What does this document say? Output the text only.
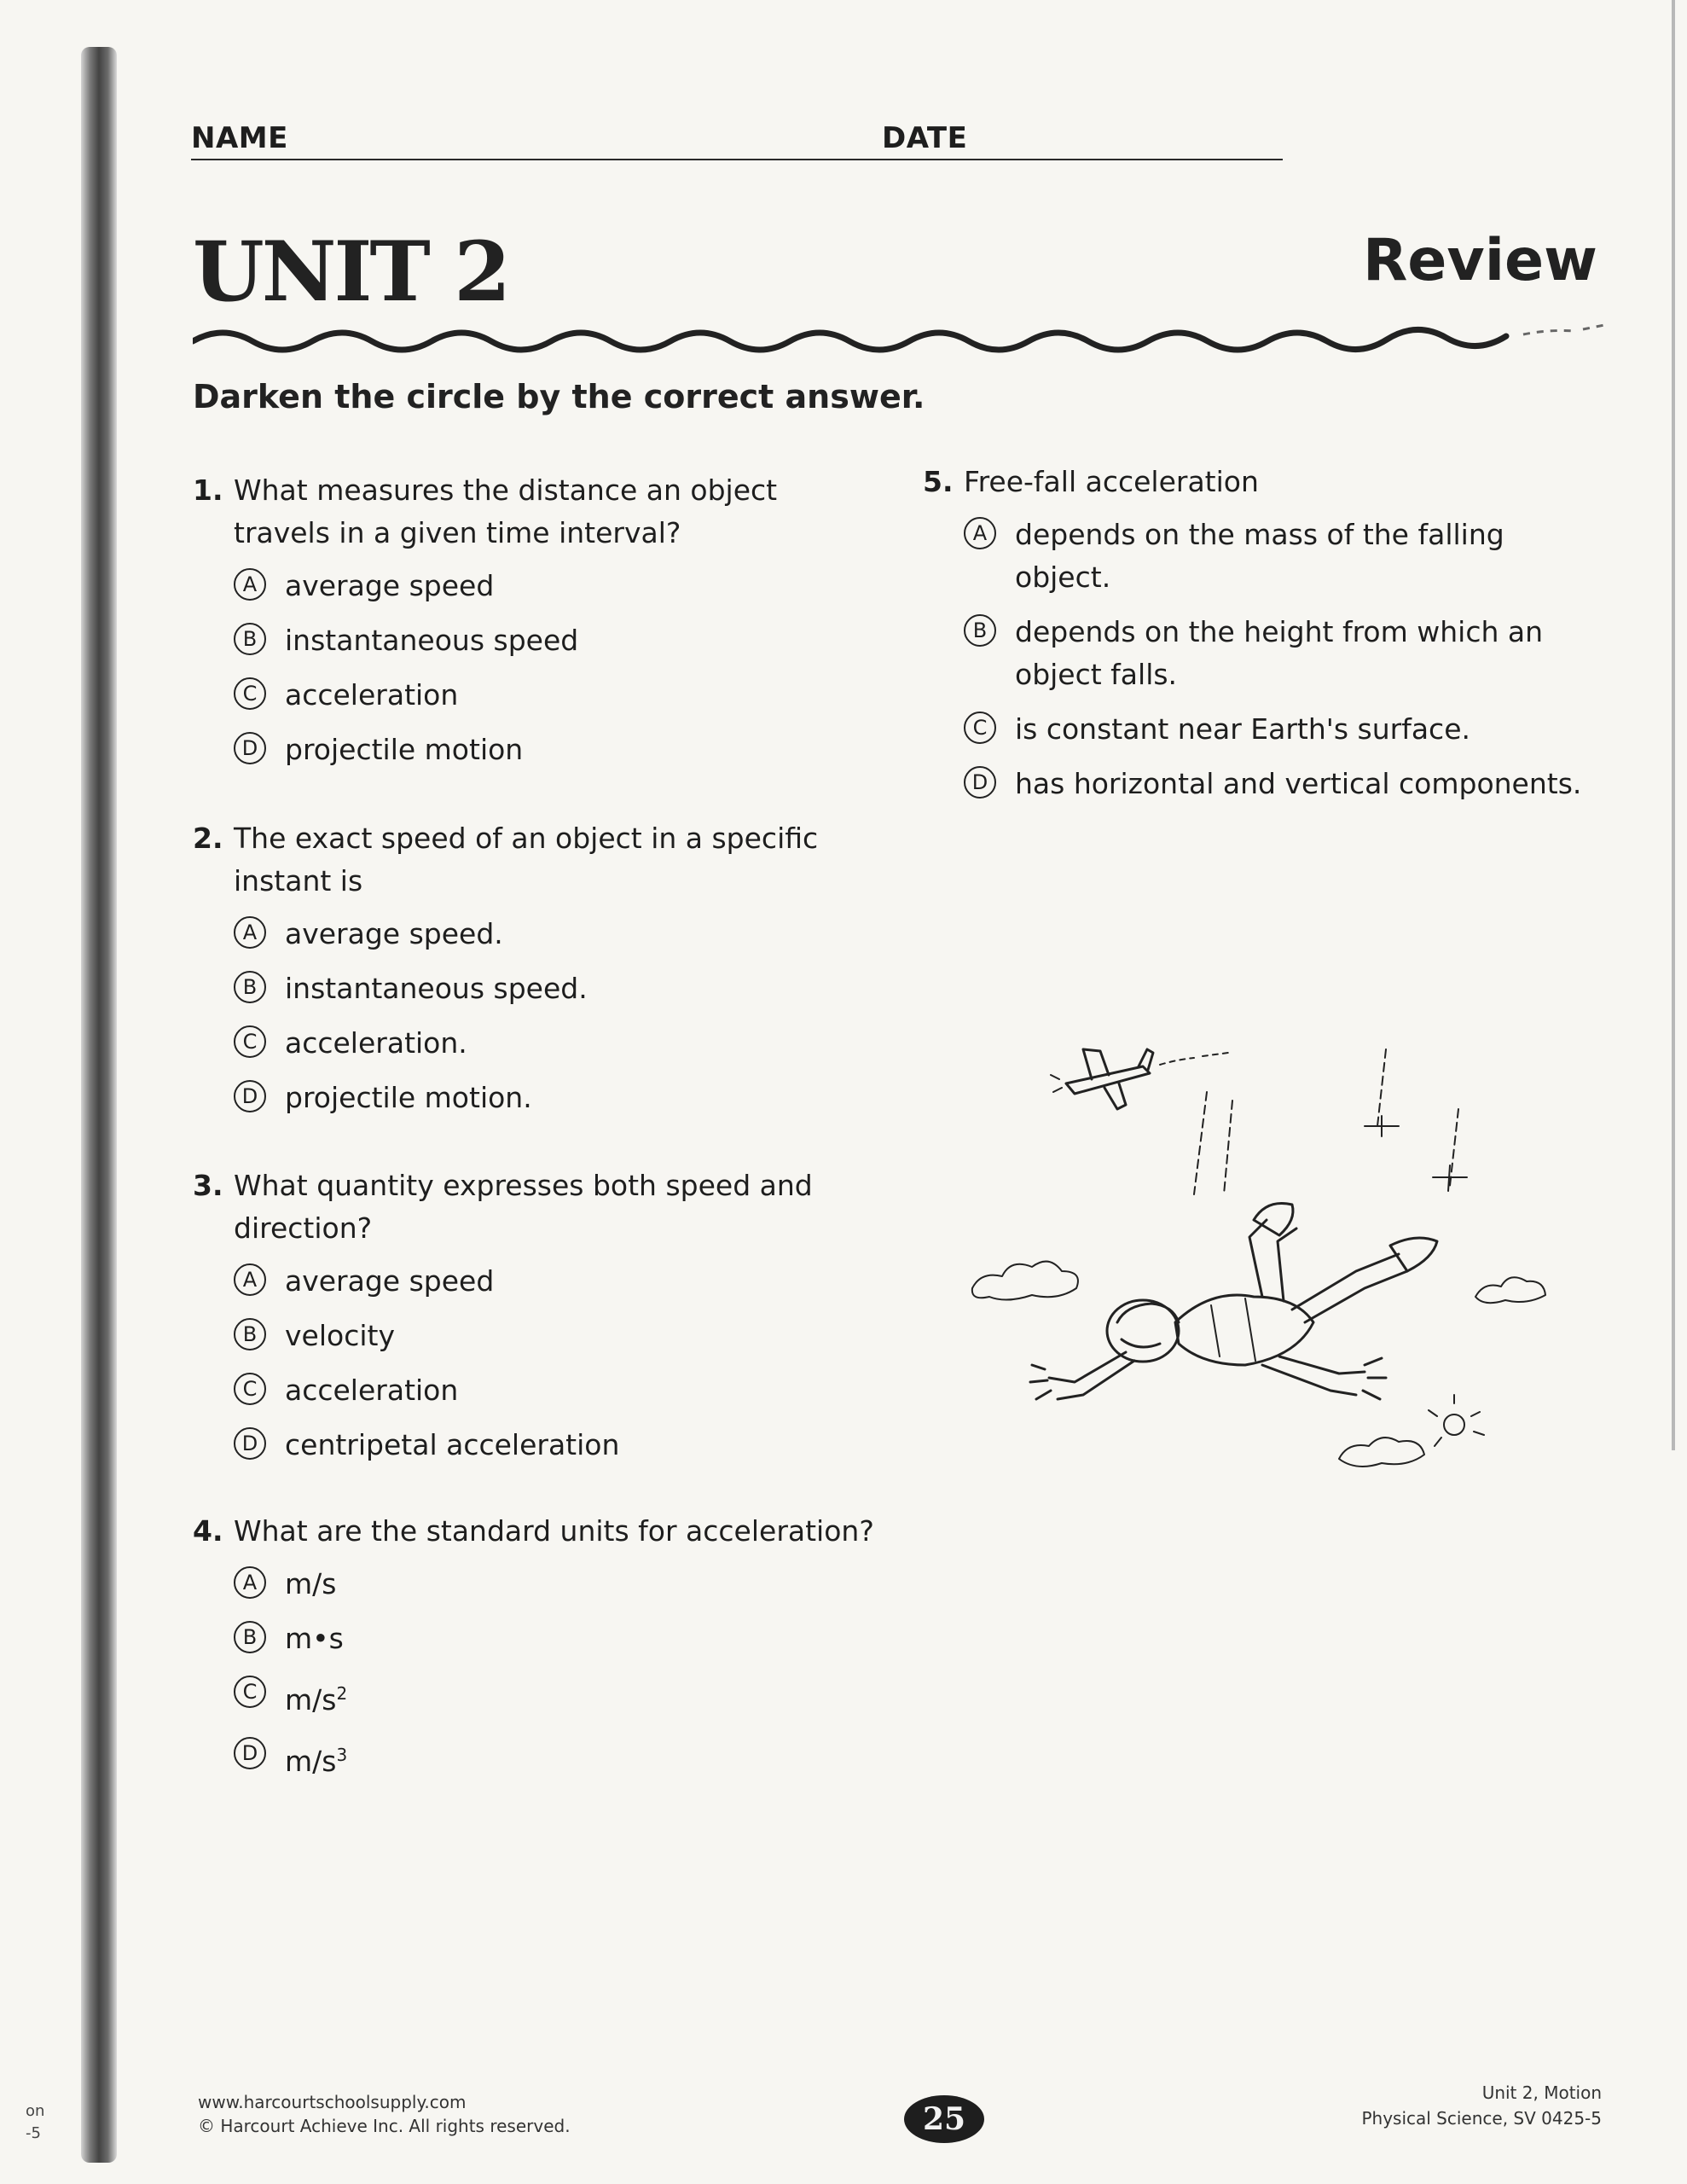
on
-5
NAME	DATE
UNIT 2	Review
Darken the circle by the correct answer.
1. What measures the distance an object travels in a given time interval?
A average speed
B instantaneous speed
C acceleration
D projectile motion
2. The exact speed of an object in a specific instant is
A average speed.
B instantaneous speed.
C acceleration.
D projectile motion.
3. What quantity expresses both speed and direction?
A average speed
B velocity
C acceleration
D centripetal acceleration
4. What are the standard units for acceleration?
A m/s
B m•s
C $m/s^2$
D $m/s^3$
5. Free-fall acceleration
A depends on the mass of the falling object.
B depends on the height from which an object falls.
C is constant near Earth's surface.
D has horizontal and vertical components.
www.harcourtschoolsupply.com
© Harcourt Achieve Inc. All rights reserved.	25
Unit 2, Motion
Physical Science, SV 0425-5
